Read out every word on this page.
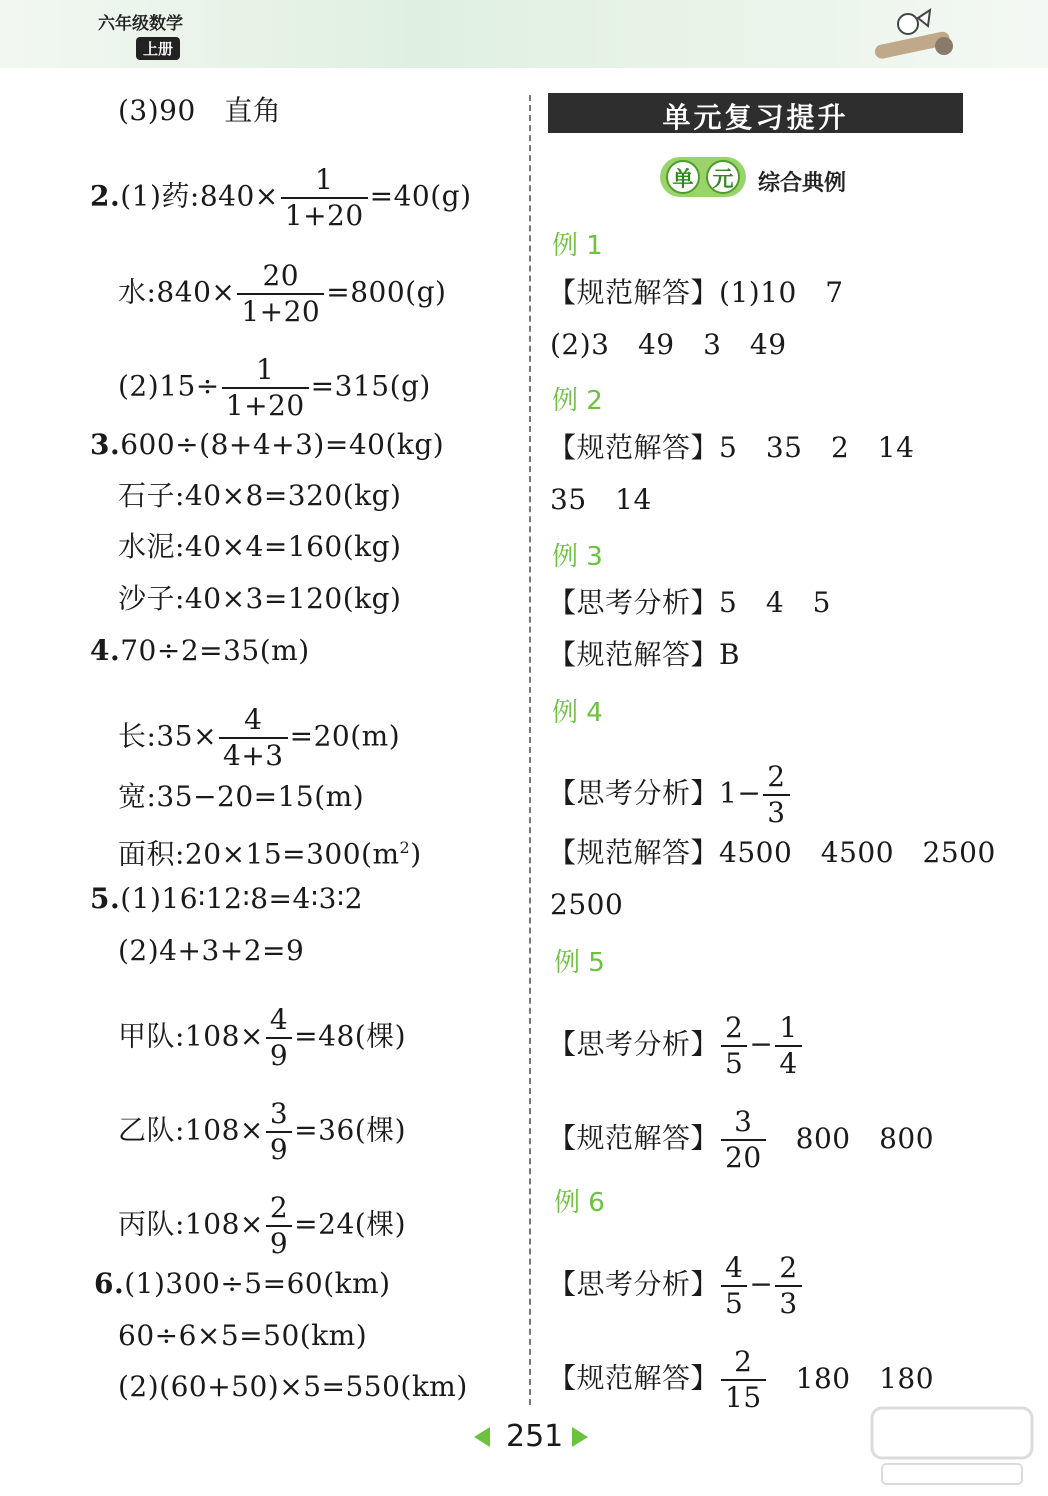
六年级数学
上册
(3)90　直角
2.(1)药:840× $\frac{1}{1+20} =40(g)$
水:840× $\frac{20}{1+20} =800(g)$
$(2)15\div \frac{1}{1+20} =315(g)$
3.600÷(8+4+3)=40(kg)
石子:40×8=320(kg)
水泥:40×4=160(kg)
沙子:40×3=120(kg)
4.70÷2=35(m)
长:35× $\frac{4}{4+3} =20(m)$
宽:35−20=15(m)
面积$:20\times 15=300(m^2)$
5.(1)16∶12∶8=4∶3∶2
(2)4+3+2=9
甲队:108× $\frac{4}{9} =48$(棵)
乙队:108× $\frac{3}{9} =36$(棵)
丙队:108× $\frac{2}{9} =24$(棵)
6.(1)300÷5=60(km)
60÷6×5=50(km)
(2)(60+50)×5=550(km)
单元复习提升
单 元 综合典例
例 1
【规范解答】(1)10　7
(2)3　49　3　49
例 2
【规范解答】5　35　2　14
35　14
例 3
【思考分析】5　4　5
【规范解答】B
例 4
【思考分析】$1- \frac{2}{3}$
【规范解答】4500　4500　2500
2500
例 5
【思考分析】 $\frac{2}{5} - \frac{1}{4}$
【规范解答】 $\frac{3}{20} 800$　800
例 6
【思考分析】 $\frac{4}{5} - \frac{2}{3}$
【规范解答】 $\frac{2}{15} 180$　180
251
